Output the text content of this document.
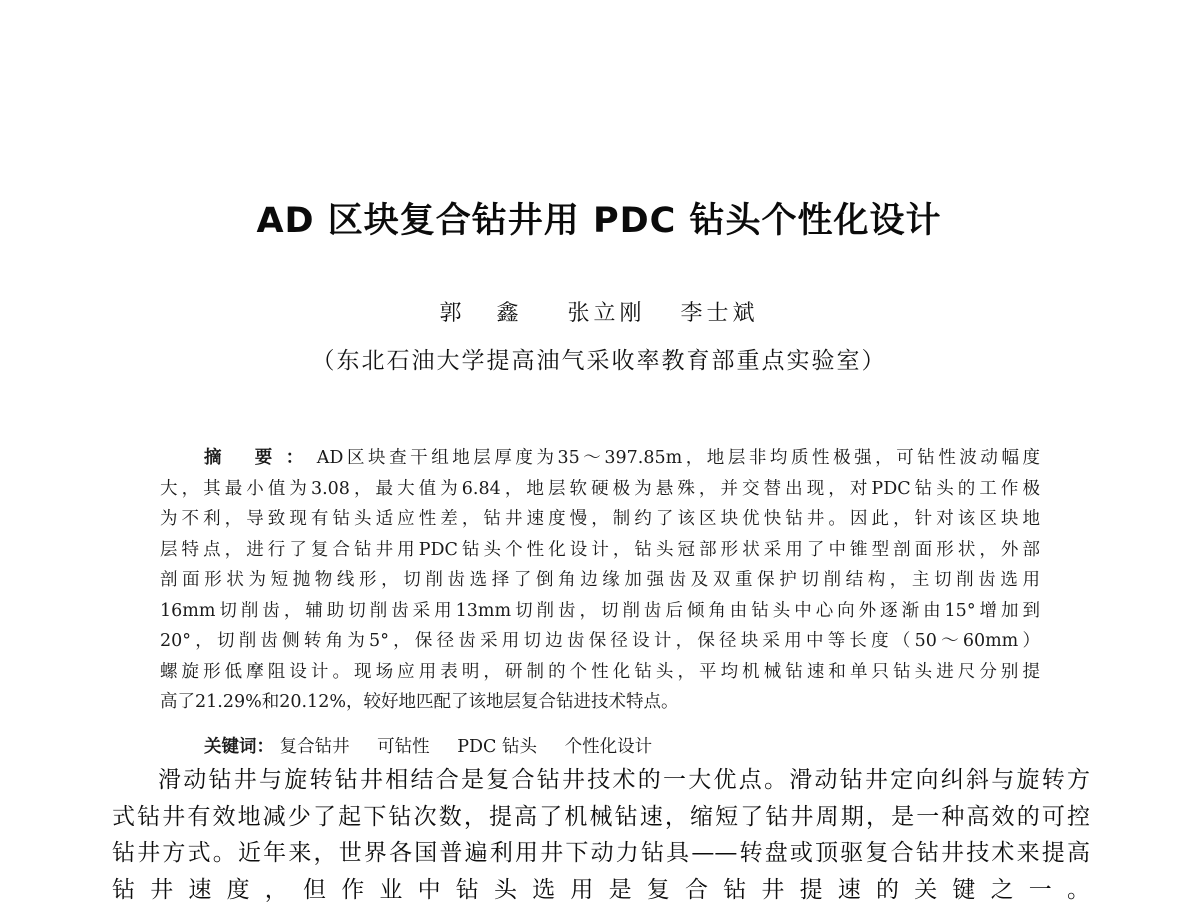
AD 区块复合钻井用 PDC 钻头个性化设计
郭 鑫 张立刚 李士斌
（东北石油大学提高油气采收率教育部重点实验室）
摘 要：AD区块查干组地层厚度为35～397.85m，地层非均质性极强，可钻性波动幅度
大，其最小值为3.08，最大值为6.84，地层软硬极为悬殊，并交替出现，对PDC钻头的工作极
为不利，导致现有钻头适应性差，钻井速度慢，制约了该区块优快钻井。因此，针对该区块地
层特点，进行了复合钻井用PDC钻头个性化设计，钻头冠部形状采用了中锥型剖面形状，外部
剖面形状为短抛物线形，切削齿选择了倒角边缘加强齿及双重保护切削结构，主切削齿选用
16mm切削齿，辅助切削齿采用13mm切削齿，切削齿后倾角由钻头中心向外逐渐由15°增加到
20°，切削齿侧转角为5°，保径齿采用切边齿保径设计，保径块采用中等长度（50～60mm）
螺旋形低摩阻设计。现场应用表明，研制的个性化钻头，平均机械钻速和单只钻头进尺分别提
高了21.29%和20.12%，较好地匹配了该地层复合钻进技术特点。
关键词： 复合钻井 可钻性 PDC 钻头 个性化设计
滑动钻井与旋转钻井相结合是复合钻井技术的一大优点。滑动钻井定向纠斜与旋转方
式钻井有效地减少了起下钻次数，提高了机械钻速，缩短了钻井周期，是一种高效的可控
钻井方式。近年来，世界各国普遍利用井下动力钻具——转盘或顶驱复合钻井技术来提高
钻井速度，但作业中钻头选用是复合钻井提速的关键之一。
